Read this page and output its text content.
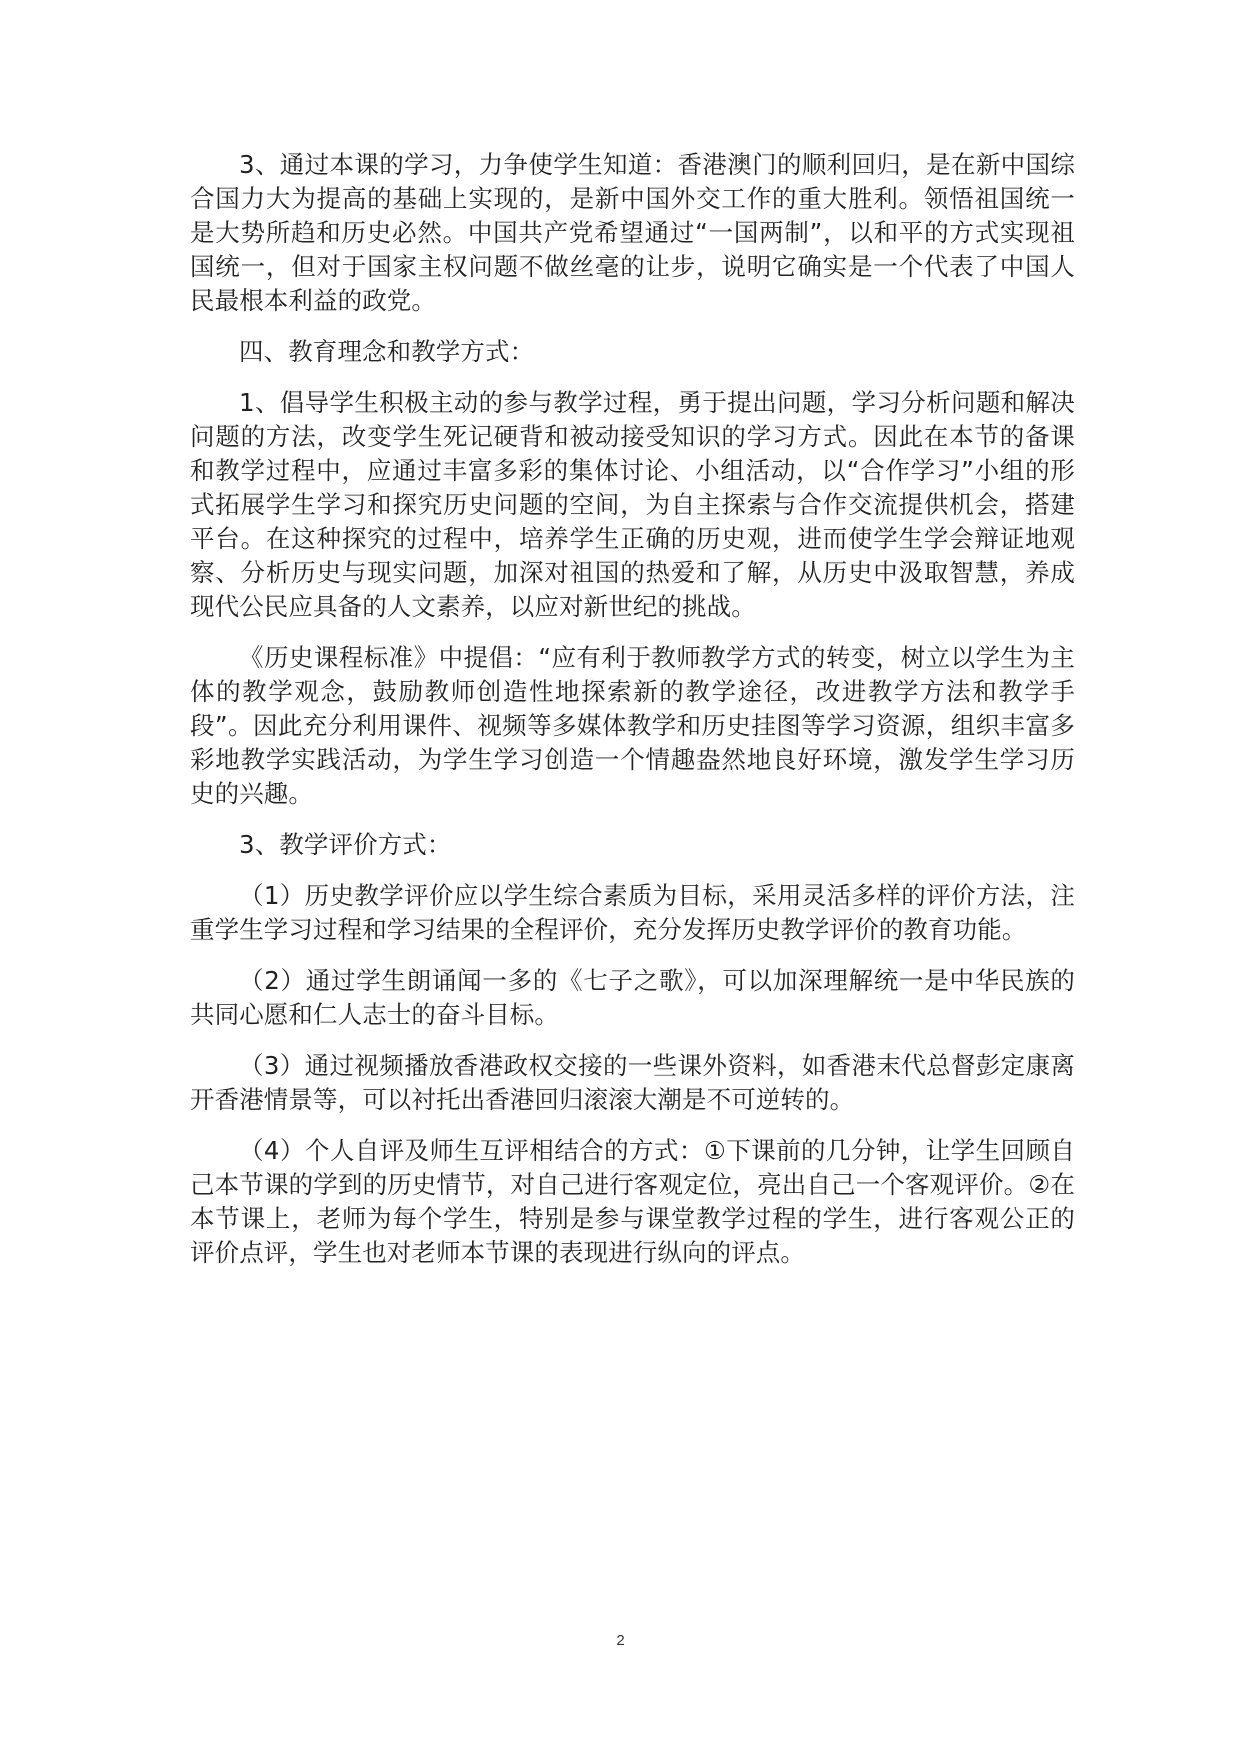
3、通过本课的学习，力争使学生知道：香港澳门的顺利回归，是在新中国综合国力大为提高的基础上实现的，是新中国外交工作的重大胜利。领悟祖国统一是大势所趋和历史必然。中国共产党希望通过“一国两制”，以和平的方式实现祖国统一，但对于国家主权问题不做丝毫的让步，说明它确实是一个代表了中国人民最根本利益的政党。

四、教育理念和教学方式：

1、倡导学生积极主动的参与教学过程，勇于提出问题，学习分析问题和解决问题的方法，改变学生死记硬背和被动接受知识的学习方式。因此在本节的备课和教学过程中，应通过丰富多彩的集体讨论、小组活动，以“合作学习”小组的形式拓展学生学习和探究历史问题的空间，为自主探索与合作交流提供机会，搭建平台。在这种探究的过程中，培养学生正确的历史观，进而使学生学会辩证地观察、分析历史与现实问题，加深对祖国的热爱和了解，从历史中汲取智慧，养成现代公民应具备的人文素养，以应对新世纪的挑战。

《历史课程标准》中提倡：“应有利于教师教学方式的转变，树立以学生为主体的教学观念，鼓励教师创造性地探索新的教学途径，改进教学方法和教学手段”。因此充分利用课件、视频等多媒体教学和历史挂图等学习资源，组织丰富多彩地教学实践活动，为学生学习创造一个情趣盎然地良好环境，激发学生学习历史的兴趣。

3、教学评价方式：

（1）历史教学评价应以学生综合素质为目标，采用灵活多样的评价方法，注重学生学习过程和学习结果的全程评价，充分发挥历史教学评价的教育功能。

（2）通过学生朗诵闻一多的《七子之歌》，可以加深理解统一是中华民族的共同心愿和仁人志士的奋斗目标。

（3）通过视频播放香港政权交接的一些课外资料，如香港末代总督彭定康离开香港情景等，可以衬托出香港回归滚滚大潮是不可逆转的。

（4）个人自评及师生互评相结合的方式：①下课前的几分钟，让学生回顾自己本节课的学到的历史情节，对自己进行客观定位，亮出自己一个客观评价。②在本节课上，老师为每个学生，特别是参与课堂教学过程的学生，进行客观公正的评价点评，学生也对老师本节课的表现进行纵向的评点。

2
